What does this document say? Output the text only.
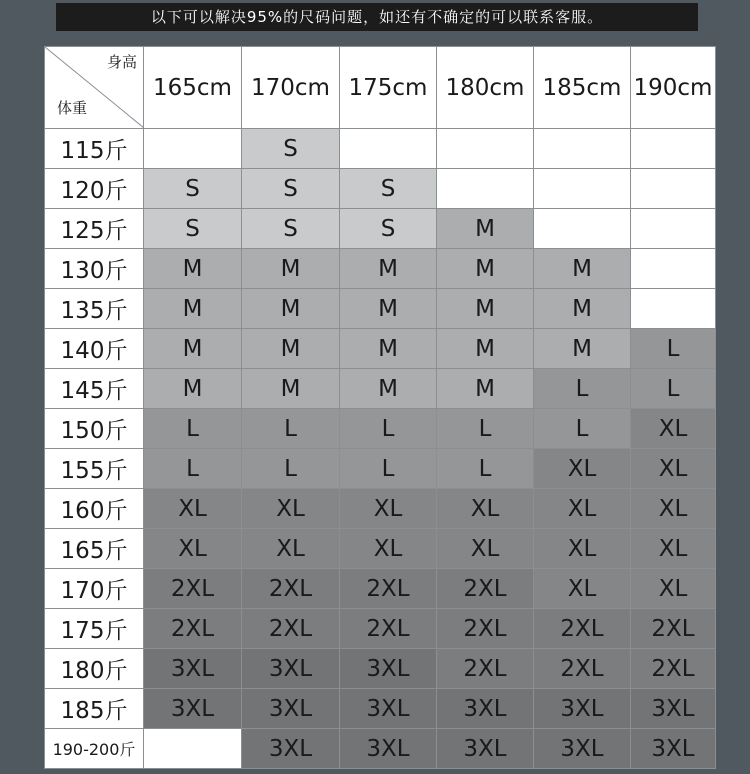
以下可以解决95%的尺码问题，如还有不确定的可以联系客服。
身高
体重	165cm	170cm	175cm	180cm	185cm	190cm
115斤		S				
120斤	S	S	S			
125斤	S	S	S	M		
130斤	M	M	M	M	M	
135斤	M	M	M	M	M	
140斤	M	M	M	M	M	L
145斤	M	M	M	M	L	L
150斤	L	L	L	L	L	XL
155斤	L	L	L	L	XL	XL
160斤	XL	XL	XL	XL	XL	XL
165斤	XL	XL	XL	XL	XL	XL
170斤	2XL	2XL	2XL	2XL	XL	XL
175斤	2XL	2XL	2XL	2XL	2XL	2XL
180斤	3XL	3XL	3XL	2XL	2XL	2XL
185斤	3XL	3XL	3XL	3XL	3XL	3XL
190-200斤		3XL	3XL	3XL	3XL	3XL
